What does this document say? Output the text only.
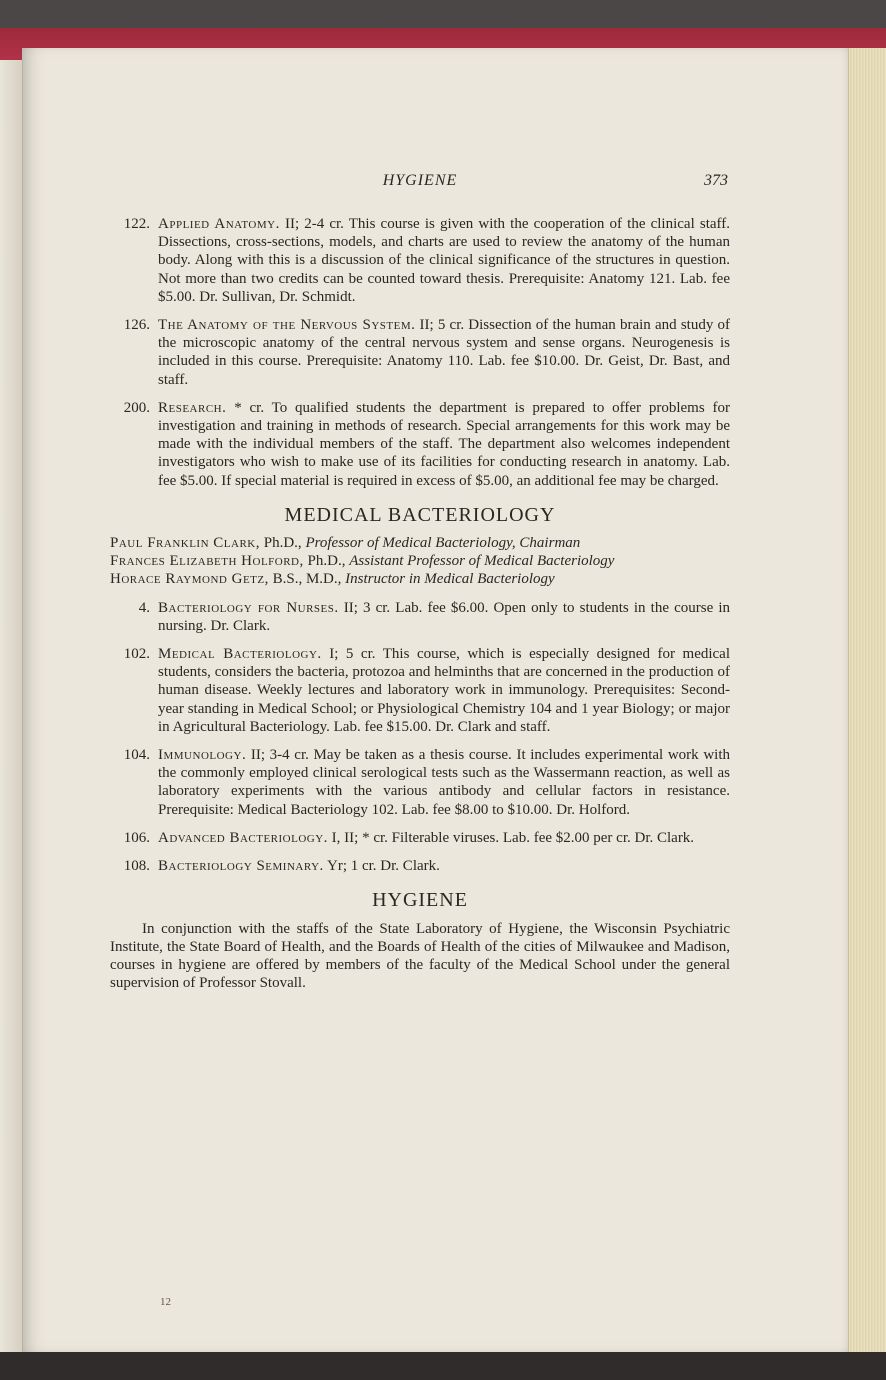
HYGIENE	373
122. Applied Anatomy. II; 2-4 cr. This course is given with the cooperation of the clinical staff. Dissections, cross-sections, models, and charts are used to review the anatomy of the human body. Along with this is a discussion of the clinical significance of the structures in question. Not more than two credits can be counted toward thesis. Prerequisite: Anatomy 121. Lab. fee $5.00. Dr. Sullivan, Dr. Schmidt.
126. The Anatomy of the Nervous System. II; 5 cr. Dissection of the human brain and study of the microscopic anatomy of the central nervous system and sense organs. Neurogenesis is included in this course. Prerequisite: Anatomy 110. Lab. fee $10.00. Dr. Geist, Dr. Bast, and staff.
200. Research. * cr. To qualified students the department is prepared to offer problems for investigation and training in methods of research. Special arrangements for this work may be made with the individual members of the staff. The department also welcomes independent investigators who wish to make use of its facilities for conducting research in anatomy. Lab. fee $5.00. If special material is required in excess of $5.00, an additional fee may be charged.
MEDICAL BACTERIOLOGY

Paul Franklin Clark, Ph.D., Professor of Medical Bacteriology, Chairman

Frances Elizabeth Holford, Ph.D., Assistant Professor of Medical Bacteriology

Horace Raymond Getz, B.S., M.D., Instructor in Medical Bacteriology

4. Bacteriology for Nurses. II; 3 cr. Lab. fee $6.00. Open only to students in the course in nursing. Dr. Clark.
102. Medical Bacteriology. I; 5 cr. This course, which is especially designed for medical students, considers the bacteria, protozoa and helminths that are concerned in the production of human disease. Weekly lectures and laboratory work in immunology. Prerequisites: Second-year standing in Medical School; or Physiological Chemistry 104 and 1 year Biology; or major in Agricultural Bacteriology. Lab. fee $15.00. Dr. Clark and staff.
104. Immunology. II; 3-4 cr. May be taken as a thesis course. It includes experimental work with the commonly employed clinical serological tests such as the Wassermann reaction, as well as laboratory experiments with the various antibody and cellular factors in resistance. Prerequisite: Medical Bacteriology 102. Lab. fee $8.00 to $10.00. Dr. Holford.
106. Advanced Bacteriology. I, II; * cr. Filterable viruses. Lab. fee $2.00 per cr. Dr. Clark.
108. Bacteriology Seminary. Yr; 1 cr. Dr. Clark.
HYGIENE

In conjunction with the staffs of the State Laboratory of Hygiene, the Wisconsin Psychiatric Institute, the State Board of Health, and the Boards of Health of the cities of Milwaukee and Madison, courses in hygiene are offered by members of the faculty of the Medical School under the general supervision of Professor Stovall.

12
